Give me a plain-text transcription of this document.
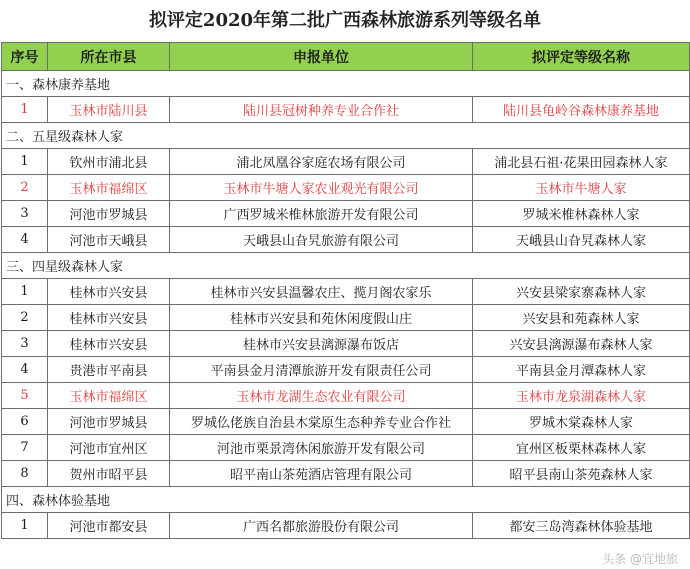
拟评定2020年第二批广西森林旅游系列等级名单
序号	所在市县	申报单位	拟评定等级名称
一、森林康养基地			
1	玉林市陆川县	陆川县冠树种养专业合作社	陆川县龟岭谷森林康养基地
二、五星级森林人家			
1	钦州市浦北县	浦北凤凰谷家庭农场有限公司	浦北县石祖·花果田园森林人家
2	玉林市福绵区	玉林市牛塘人家农业观光有限公司	玉林市牛塘人家
3	河池市罗城县	广西罗城米椎林旅游开发有限公司	罗城米椎林森林人家
4	河池市天峨县	天峨县山旮旯旅游有限公司	天峨县山旮旯森林人家
三、四星级森林人家			
1	桂林市兴安县	桂林市兴安县温馨农庄、揽月阁农家乐	兴安县梁家寨森林人家
2	桂林市兴安县	桂林市兴安县和苑休闲度假山庄	兴安县和苑森林人家
3	桂林市兴安县	桂林市兴安县漓源瀑布饭店	兴安县漓源瀑布森林人家
4	贵港市平南县	平南县金月清潭旅游开发有限责任公司	平南县金月潭森林人家
5	玉林市福绵区	玉林市龙湖生态农业有限公司	玉林市龙泉湖森林人家
6	河池市罗城县	罗城仫佬族自治县木棠原生态种养专业合作社	罗城木棠森林人家
7	河池市宜州区	河池市栗景湾休闲旅游开发有限公司	宜州区板栗林森林人家
8	贺州市昭平县	昭平南山茶苑酒店管理有限公司	昭平县南山茶苑森林人家
四、森林体验基地			
1	河池市都安县	广西名都旅游股份有限公司	都安三岛湾森林体验基地
头条 @宜地旅
